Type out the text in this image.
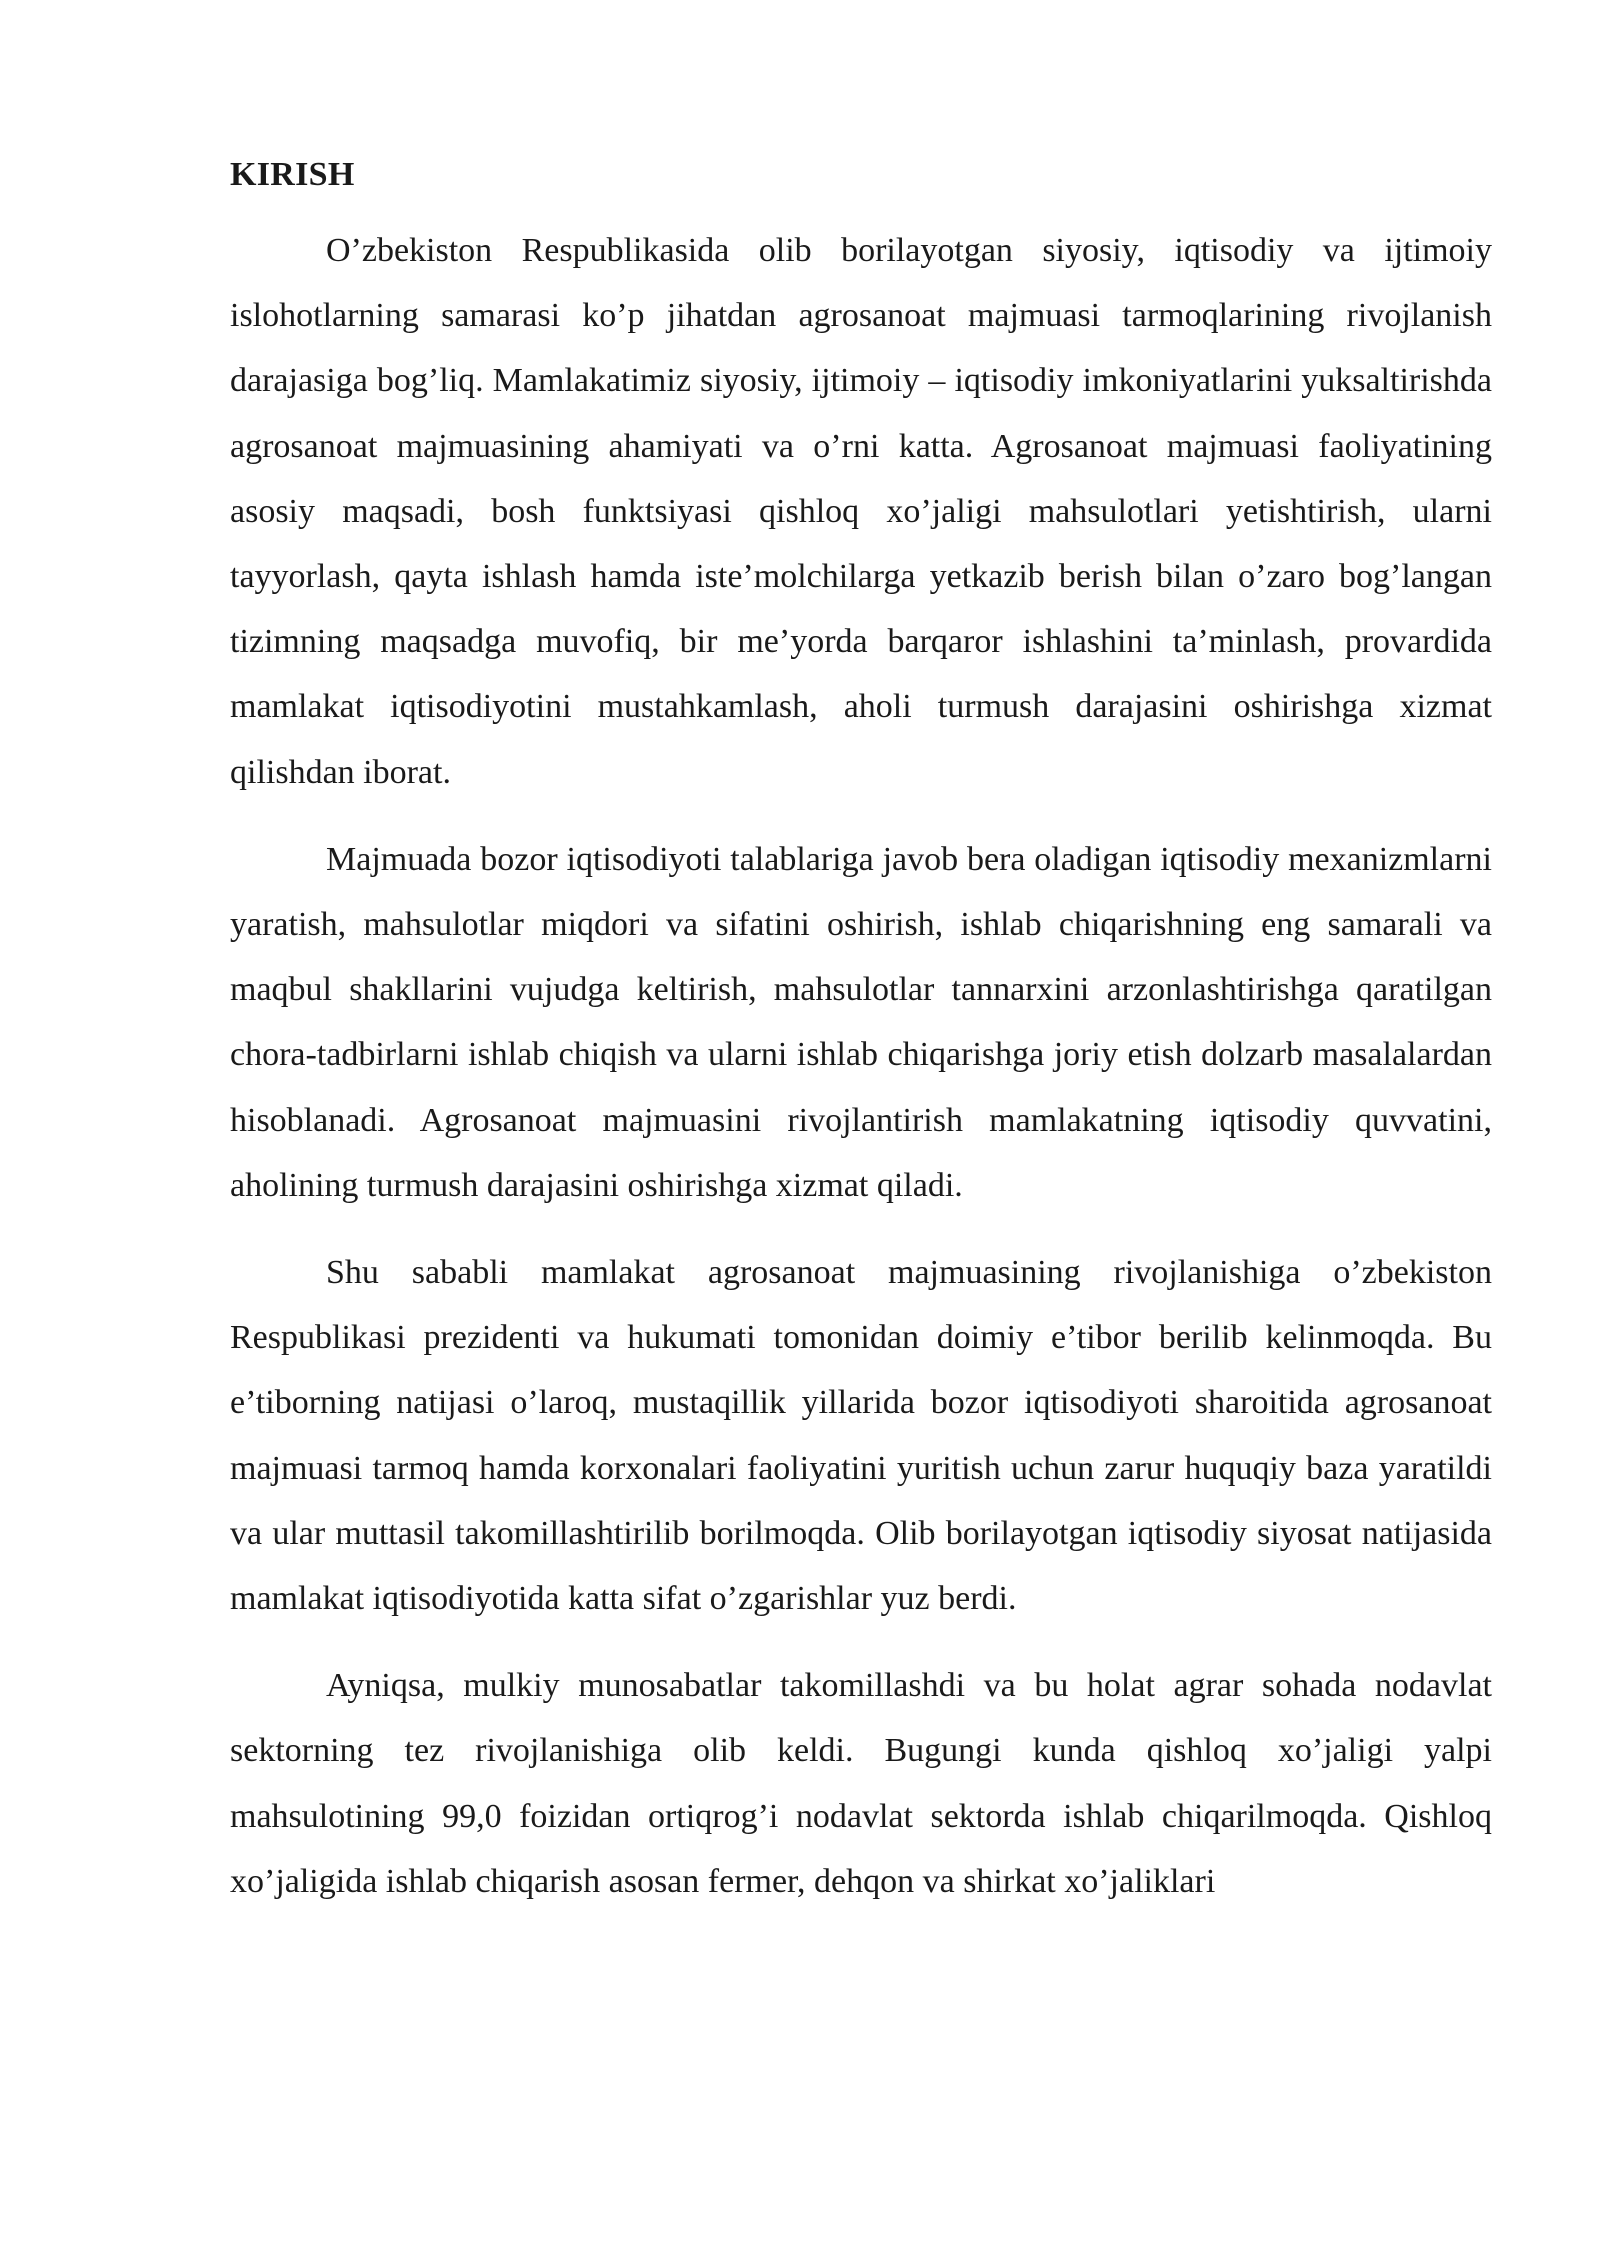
KIRISH

O’zbekiston Respublikasida olib borilayotgan siyosiy, iqtisodiy va ijtimoiy islohotlarning samarasi ko’p jihatdan agrosanoat majmuasi tarmoqlarining rivojlanish darajasiga bog’liq. Mamlakatimiz siyosiy, ijtimoiy – iqtisodiy imkoniyatlarini yuksaltirishda agrosanoat majmuasining ahamiyati va o’rni katta. Agrosanoat majmuasi faoliyatining asosiy maqsadi, bosh funktsiyasi qishloq xo’jaligi mahsulotlari yetishtirish, ularni tayyorlash, qayta ishlash hamda iste’molchilarga yetkazib berish bilan o’zaro bog’langan tizimning maqsadga muvofiq, bir me’yorda barqaror ishlashini ta’minlash, provardida mamlakat iqtisodiyotini mustahkamlash, aholi turmush darajasini oshirishga xizmat qilishdan iborat.

Majmuada bozor iqtisodiyoti talablariga javob bera oladigan iqtisodiy mexanizmlarni yaratish, mahsulotlar miqdori va sifatini oshirish, ishlab chiqarishning eng samarali va maqbul shakllarini vujudga keltirish, mahsulotlar tannarxini arzonlashtirishga qaratilgan chora-tadbirlarni ishlab chiqish va ularni ishlab chiqarishga joriy etish dolzarb masalalardan hisoblanadi. Agrosanoat majmuasini rivojlantirish mamlakatning iqtisodiy quvvatini, aholining turmush darajasini oshirishga xizmat qiladi.

Shu sababli mamlakat agrosanoat majmuasining rivojlanishiga o’zbekiston Respublikasi prezidenti va hukumati tomonidan doimiy e’tibor berilib kelinmoqda. Bu e’tiborning natijasi o’laroq, mustaqillik yillarida bozor iqtisodiyoti sharoitida agrosanoat majmuasi tarmoq hamda korxonalari faoliyatini yuritish uchun zarur huquqiy baza yaratildi va ular muttasil takomillashtirilib borilmoqda. Olib borilayotgan iqtisodiy siyosat natijasida mamlakat iqtisodiyotida katta sifat o’zgarishlar yuz berdi.

Ayniqsa, mulkiy munosabatlar takomillashdi va bu holat agrar sohada nodavlat sektorning tez rivojlanishiga olib keldi. Bugungi kunda qishloq xo’jaligi yalpi mahsulotining 99,0 foizidan ortiqrog’i nodavlat sektorda ishlab chiqarilmoqda. Qishloq xo’jaligida ishlab chiqarish asosan fermer, dehqon va shirkat xo’jaliklari
